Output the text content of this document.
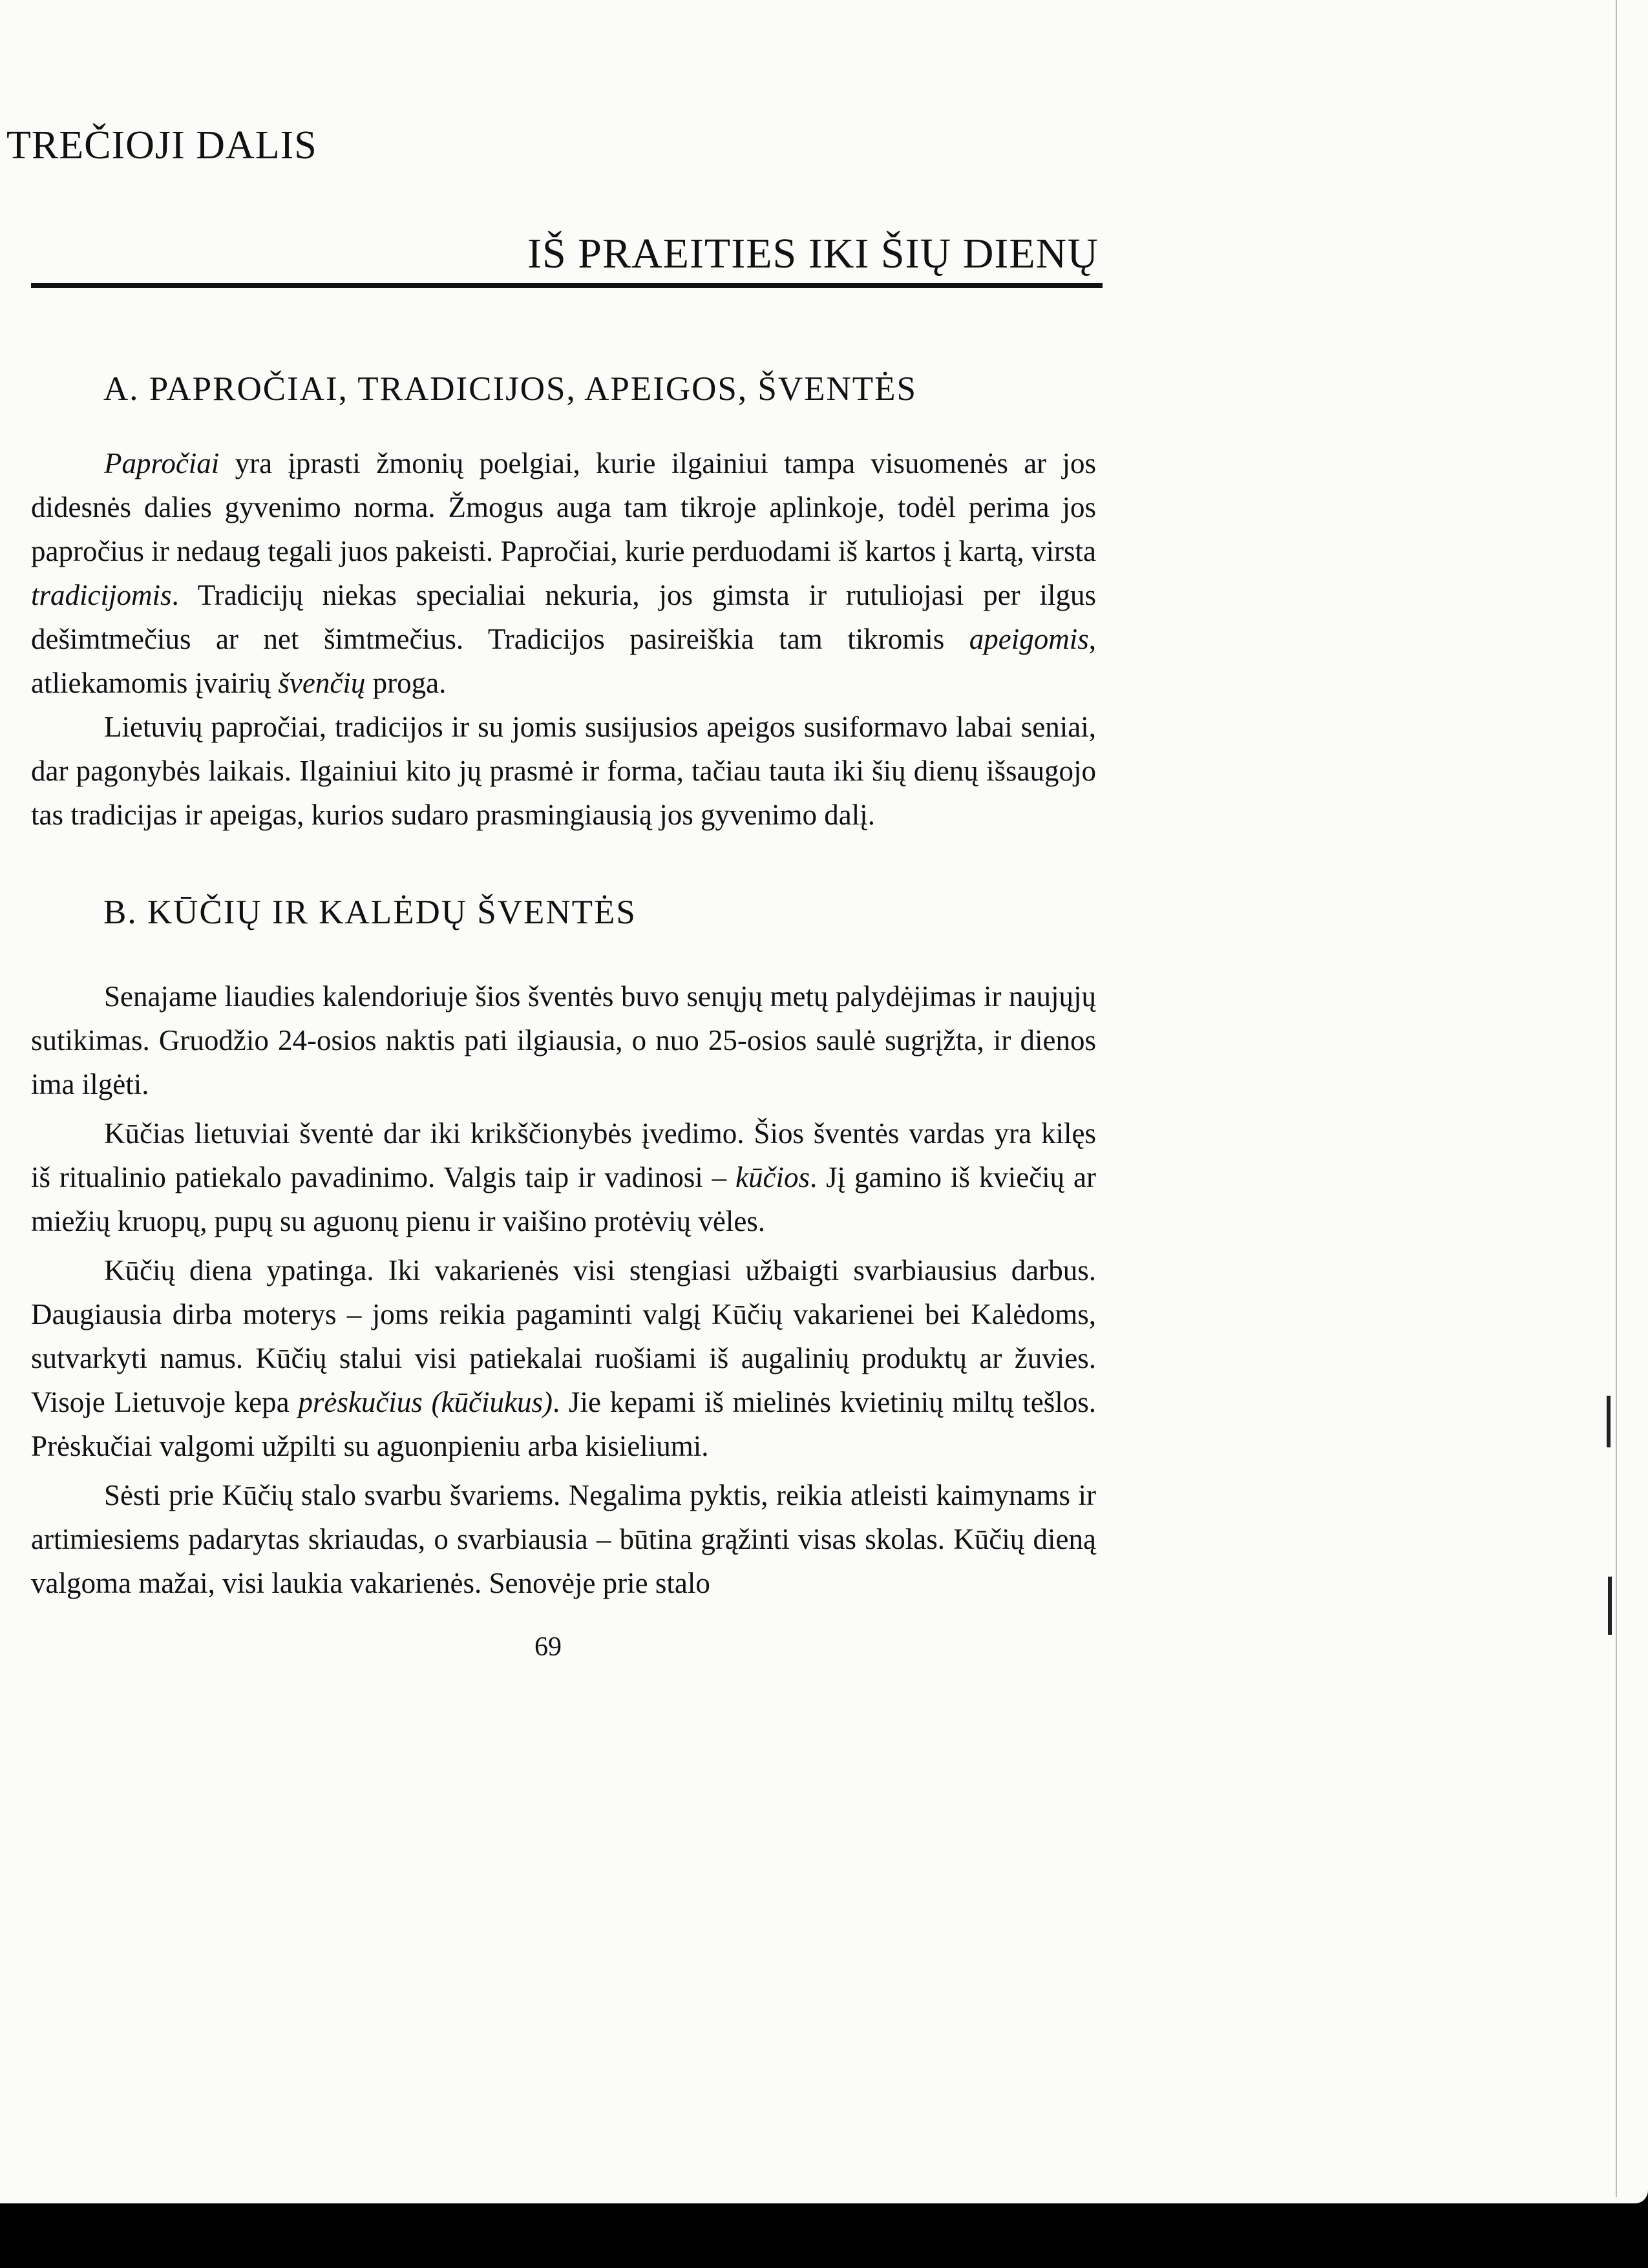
TREČIOJI DALIS
IŠ PRAEITIES IKI ŠIŲ DIENŲ
A. PAPROČIAI, TRADICIJOS, APEIGOS, ŠVENTĖS

Papročiai yra įprasti žmonių poelgiai, kurie ilgainiui tampa visuomenės ar jos didesnės dalies gyvenimo norma. Žmogus auga tam tikroje aplinkoje, todėl perima jos papročius ir nedaug tegali juos pakeisti. Papročiai, kurie perduodami iš kartos į kartą, virsta tradicijomis. Tradicijų niekas specialiai nekuria, jos gimsta ir rutuliojasi per ilgus dešimtmečius ar net šimtmečius. Tradicijos pasireiškia tam tikromis apeigomis, atliekamomis įvairių švenčių proga.

Lietuvių papročiai, tradicijos ir su jomis susijusios apeigos susiformavo labai seniai, dar pagonybės laikais. Ilgainiui kito jų prasmė ir forma, tačiau tauta iki šių dienų išsaugojo tas tradicijas ir apeigas, kurios sudaro prasmingiausią jos gyvenimo dalį.

B. KŪČIŲ IR KALĖDŲ ŠVENTĖS

Senajame liaudies kalendoriuje šios šventės buvo senųjų metų palydėjimas ir naujųjų sutikimas. Gruodžio 24-osios naktis pati ilgiausia, o nuo 25-osios saulė sugrįžta, ir dienos ima ilgėti.

Kūčias lietuviai šventė dar iki krikščionybės įvedimo. Šios šventės vardas yra kilęs iš ritualinio patiekalo pavadinimo. Valgis taip ir vadinosi – kūčios. Jį gamino iš kviečių ar miežių kruopų, pupų su aguonų pienu ir vaišino protėvių vėles.

Kūčių diena ypatinga. Iki vakarienės visi stengiasi užbaigti svarbiausius darbus. Daugiausia dirba moterys – joms reikia pagaminti valgį Kūčių vakarienei bei Kalėdoms, sutvarkyti namus. Kūčių stalui visi patiekalai ruošiami iš augalinių produktų ar žuvies. Visoje Lietuvoje kepa prėskučius (kūčiukus). Jie kepami iš mielinės kvietinių miltų tešlos. Prėskučiai valgomi užpilti su aguonpieniu arba kisieliumi.

Sėsti prie Kūčių stalo svarbu švariems. Negalima pyktis, reikia atleisti kaimynams ir artimiesiems padarytas skriaudas, o svarbiausia – būtina grąžinti visas skolas. Kūčių dieną valgoma mažai, visi laukia vakarienės. Senovėje prie stalo

69
